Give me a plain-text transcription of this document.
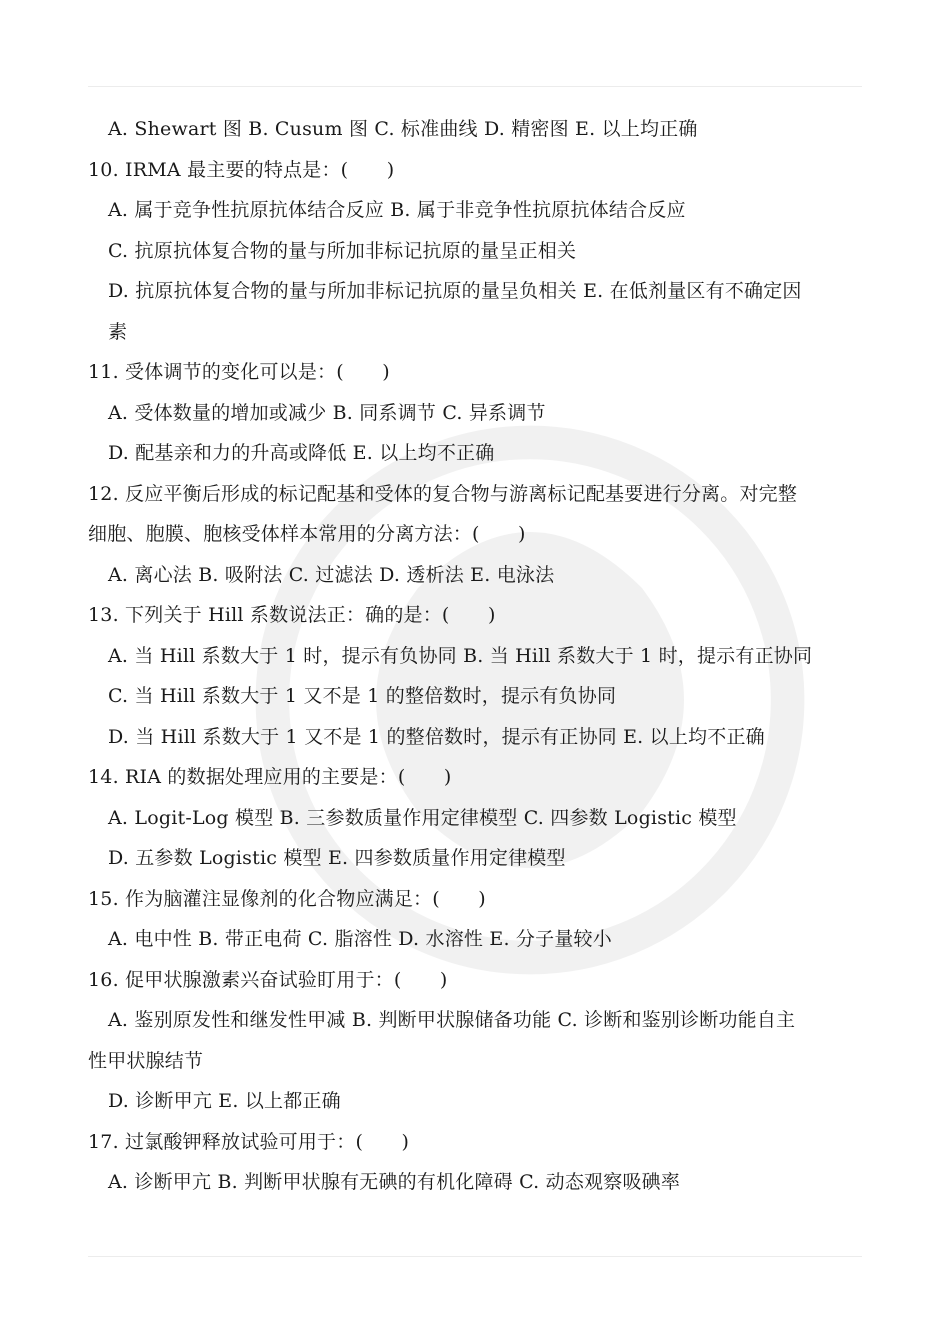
A. Shewart 图 B. Cusum 图 C. 标准曲线 D. 精密图 E. 以上均正确
10. IRMA 最主要的特点是：(　　)
A. 属于竞争性抗原抗体结合反应 B. 属于非竞争性抗原抗体结合反应
C. 抗原抗体复合物的量与所加非标记抗原的量呈正相关
D. 抗原抗体复合物的量与所加非标记抗原的量呈负相关 E. 在低剂量区有不确定因
素
11. 受体调节的变化可以是：(　　)
A. 受体数量的增加或减少 B. 同系调节 C. 异系调节
D. 配基亲和力的升高或降低 E. 以上均不正确
12. 反应平衡后形成的标记配基和受体的复合物与游离标记配基要进行分离。对完整
细胞、胞膜、胞核受体样本常用的分离方法：(　　)
A. 离心法 B. 吸附法 C. 过滤法 D. 透析法 E. 电泳法
13. 下列关于 Hill 系数说法正：确的是：(　　)
A. 当 Hill 系数大于 1 时，提示有负协同 B. 当 Hill 系数大于 1 时，提示有正协同
C. 当 Hill 系数大于 1 又不是 1 的整倍数时，提示有负协同
D. 当 Hill 系数大于 1 又不是 1 的整倍数时，提示有正协同 E. 以上均不正确
14. RIA 的数据处理应用的主要是：(　　)
A. Logit-Log 模型 B. 三参数质量作用定律模型 C. 四参数 Logistic 模型
D. 五参数 Logistic 模型 E. 四参数质量作用定律模型
15. 作为脑灌注显像剂的化合物应满足：(　　)
A. 电中性 B. 带正电荷 C. 脂溶性 D. 水溶性 E. 分子量较小
16. 促甲状腺激素兴奋试验盯用于：(　　)
A. 鉴别原发性和继发性甲减 B. 判断甲状腺储备功能 C. 诊断和鉴别诊断功能自主
性甲状腺结节
D. 诊断甲亢 E. 以上都正确
17. 过氯酸钾释放试验可用于：(　　)
A. 诊断甲亢 B. 判断甲状腺有无碘的有机化障碍 C. 动态观察吸碘率
